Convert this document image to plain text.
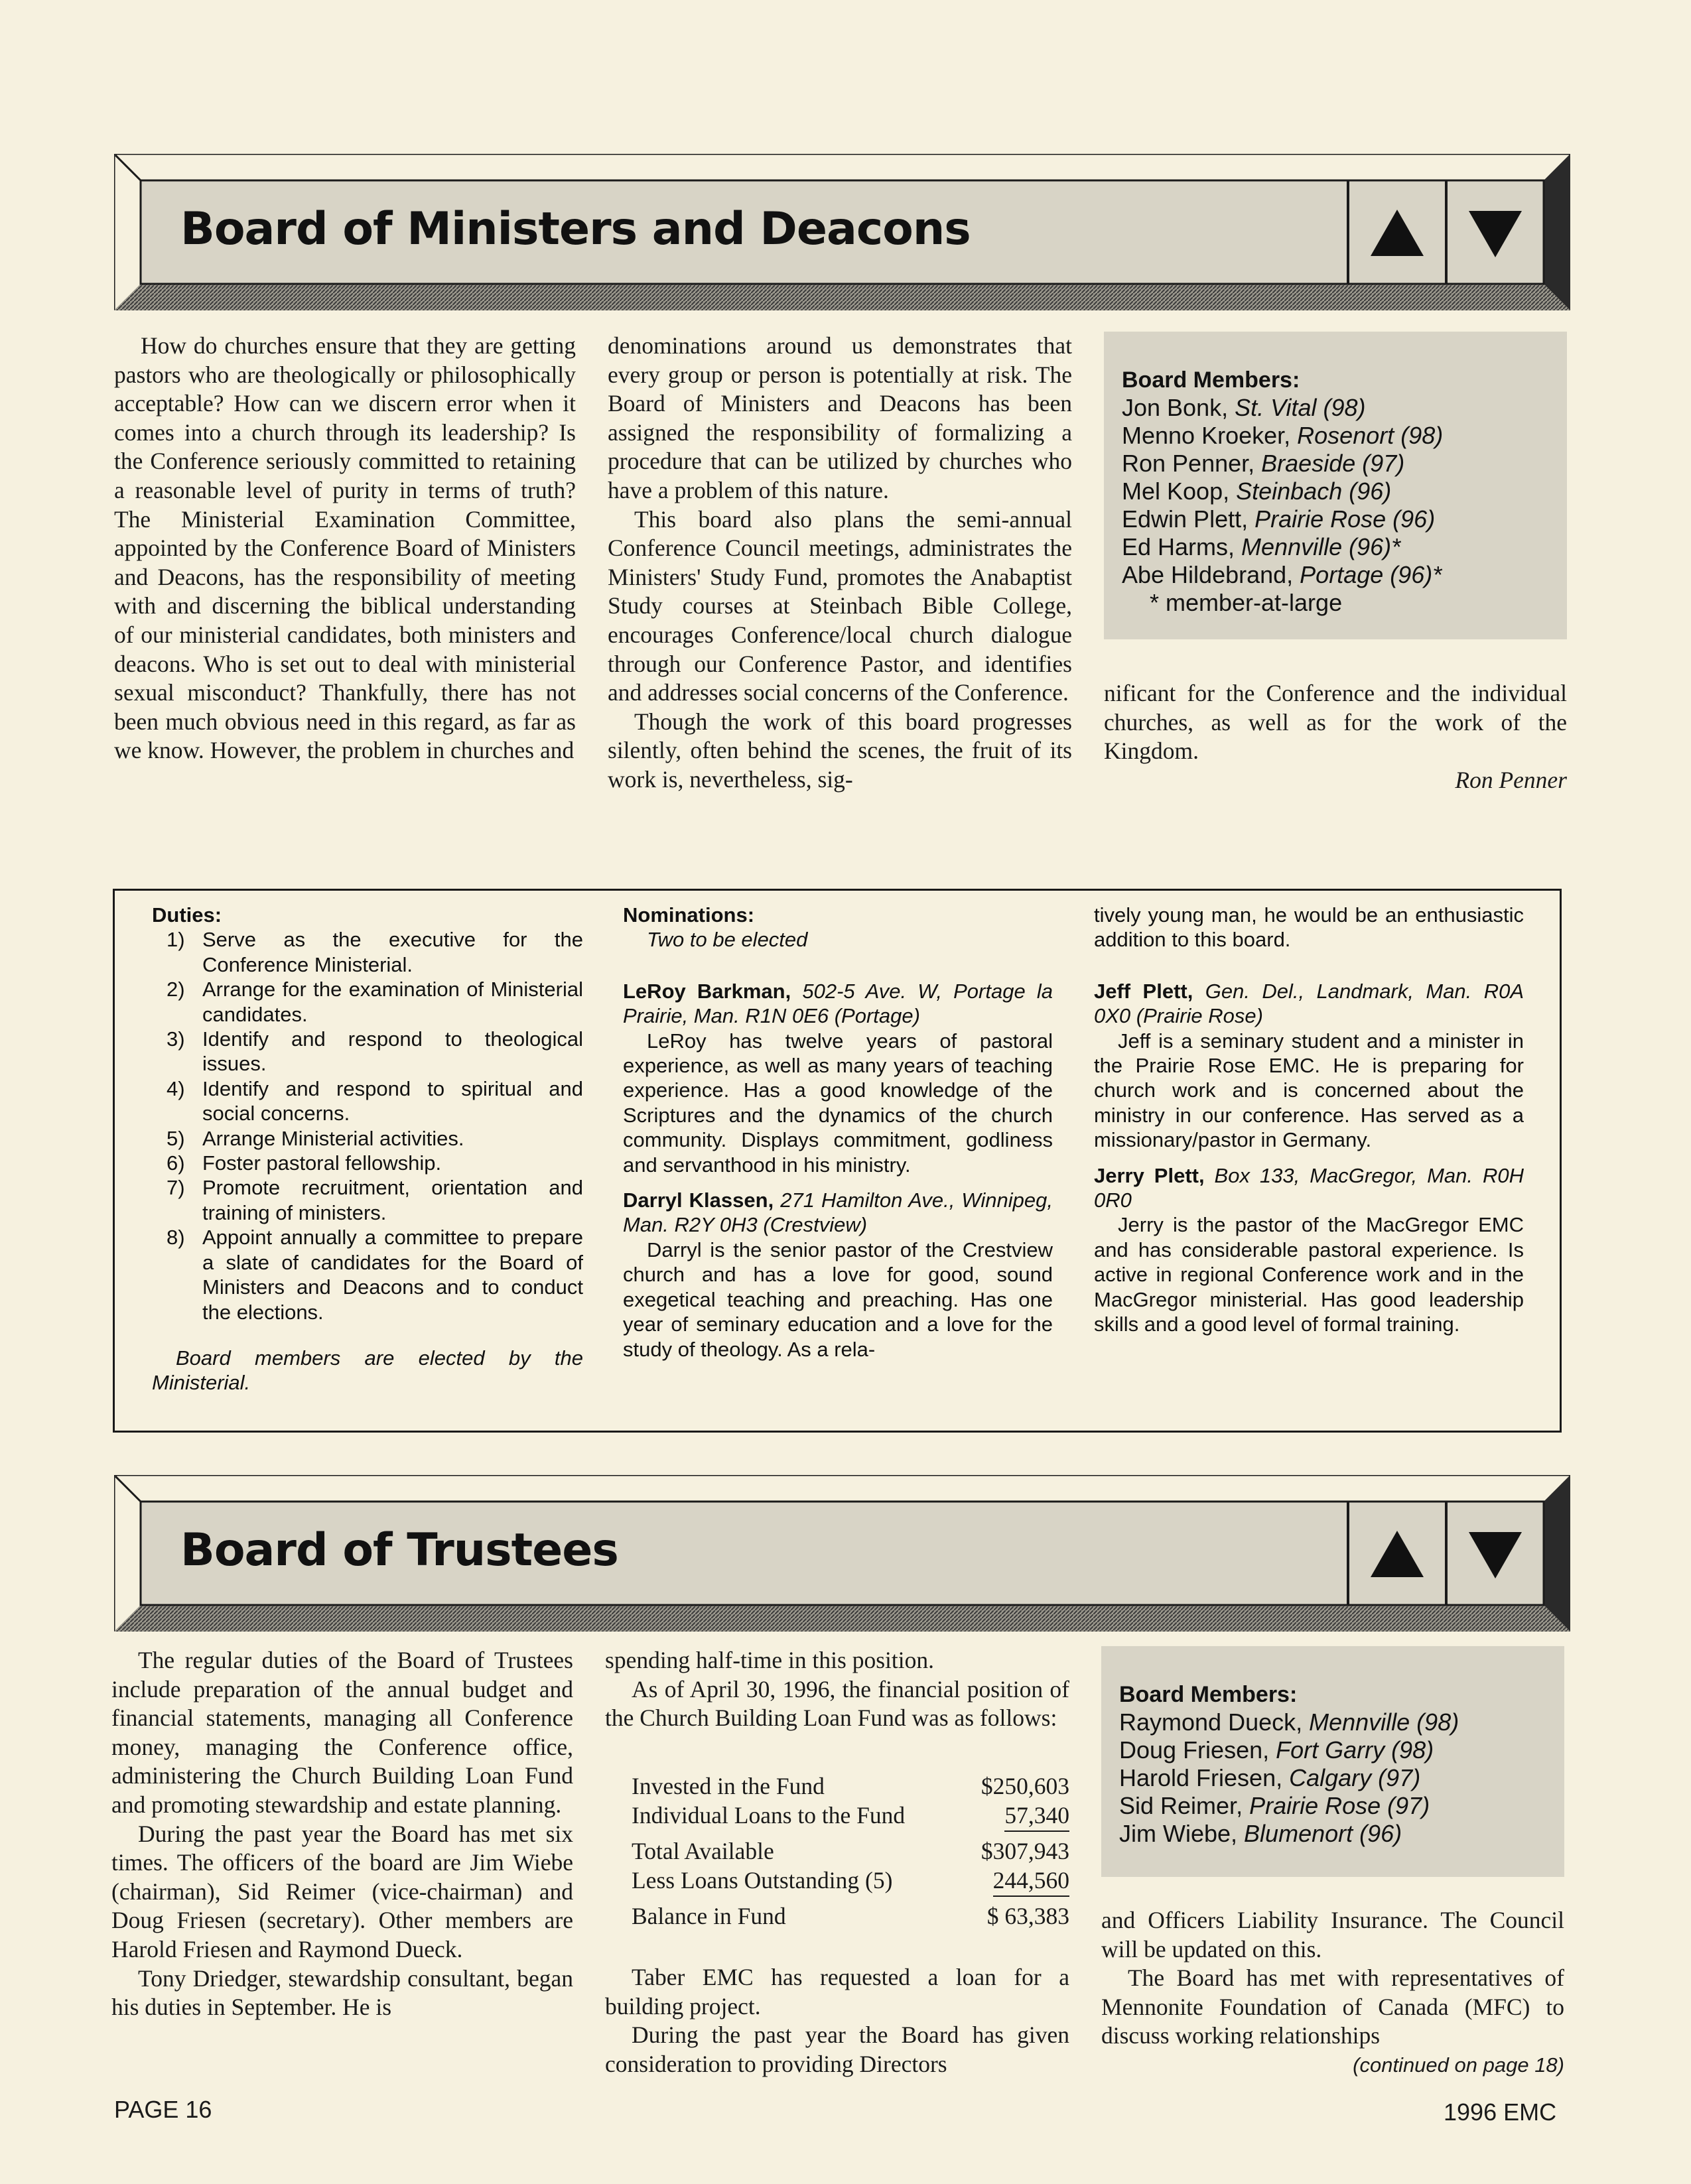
Board of Ministers and Deacons

How do churches ensure that they are getting pastors who are theologically or philosophically acceptable? How can we discern error when it comes into a church through its leadership? Is the Conference seriously committed to retaining a reasonable level of purity in terms of truth? The Ministerial Examination Committee, appointed by the Conference Board of Ministers and Deacons, has the responsibility of meeting with and discerning the biblical understanding of our ministerial candidates, both ministers and deacons. Who is set out to deal with ministerial sexual misconduct? Thankfully, there has not been much obvious need in this regard, as far as we know. However, the problem in churches and

denominations around us demonstrates that every group or person is potentially at risk. The Board of Ministers and Deacons has been assigned the responsibility of formalizing a procedure that can be utilized by churches who have a problem of this nature.

This board also plans the semi-annual Conference Council meetings, administrates the Ministers' Study Fund, promotes the Anabaptist Study courses at Steinbach Bible College, encourages Conference/local church dialogue through our Conference Pastor, and identifies and addresses social concerns of the Conference.

Though the work of this board progresses silently, often behind the scenes, the fruit of its work is, nevertheless, sig-

Board Members:
Jon Bonk, St. Vital (98)
Menno Kroeker, Rosenort (98)
Ron Penner, Braeside (97)
Mel Koop, Steinbach (96)
Edwin Plett, Prairie Rose (96)
Ed Harms, Mennville (96)*
Abe Hildebrand, Portage (96)*
* member-at-large

nificant for the Conference and the individual churches, as well as for the work of the Kingdom.

Ron Penner

Duties:
1) Serve as the executive for the Conference Ministerial.
2) Arrange for the examination of Ministerial candidates.
3) Identify and respond to theological issues.
4) Identify and respond to spiritual and social concerns.
5) Arrange Ministerial activities.
6) Foster pastoral fellowship.
7) Promote recruitment, orientation and training of ministers.
8) Appoint annually a committee to prepare a slate of candidates for the Board of Ministers and Deacons and to conduct the elections.

Board members are elected by the Ministerial.

Nominations:
Two to be elected

LeRoy Barkman, 502-5 Ave. W, Portage la Prairie, Man. R1N 0E6 (Portage)

LeRoy has twelve years of pastoral experience, as well as many years of teaching experience. Has a good knowledge of the Scriptures and the dynamics of the church community. Displays commitment, godliness and servanthood in his ministry.

Darryl Klassen, 271 Hamilton Ave., Winnipeg, Man. R2Y 0H3 (Crestview)

Darryl is the senior pastor of the Crestview church and has a love for good, sound exegetical teaching and preaching. Has one year of seminary education and a love for the study of theology. As a rela-

tively young man, he would be an enthusiastic addition to this board.

Jeff Plett, Gen. Del., Landmark, Man. R0A 0X0 (Prairie Rose)

Jeff is a seminary student and a minister in the Prairie Rose EMC. He is preparing for church work and is concerned about the ministry in our conference. Has served as a missionary/pastor in Germany.

Jerry Plett, Box 133, MacGregor, Man. R0H 0R0

Jerry is the pastor of the MacGregor EMC and has considerable pastoral experience. Is active in regional Conference work and in the MacGregor ministerial. Has good leadership skills and a good level of formal training.

Board of Trustees

The regular duties of the Board of Trustees include preparation of the annual budget and financial statements, managing all Conference money, managing the Conference office, administering the Church Building Loan Fund and promoting stewardship and estate planning.

During the past year the Board has met six times. The officers of the board are Jim Wiebe (chairman), Sid Reimer (vice-chairman) and Doug Friesen (secretary). Other members are Harold Friesen and Raymond Dueck.

Tony Driedger, stewardship consultant, began his duties in September. He is

spending half-time in this position.

As of April 30, 1996, the financial position of the Church Building Loan Fund was as follows:

Invested in the Fund	$250,603
Individual Loans to the Fund	57,340
Total Available	$307,943
Less Loans Outstanding (5)	244,560
Balance in Fund	$ 63,383

Taber EMC has requested a loan for a building project.

During the past year the Board has given consideration to providing Directors

Board Members:
Raymond Dueck, Mennville (98)
Doug Friesen, Fort Garry (98)
Harold Friesen, Calgary (97)
Sid Reimer, Prairie Rose (97)
Jim Wiebe, Blumenort (96)

and Officers Liability Insurance. The Council will be updated on this.

The Board has met with representatives of Mennonite Foundation of Canada (MFC) to discuss working relationships

(continued on page 18)

PAGE 16	1996 EMC
